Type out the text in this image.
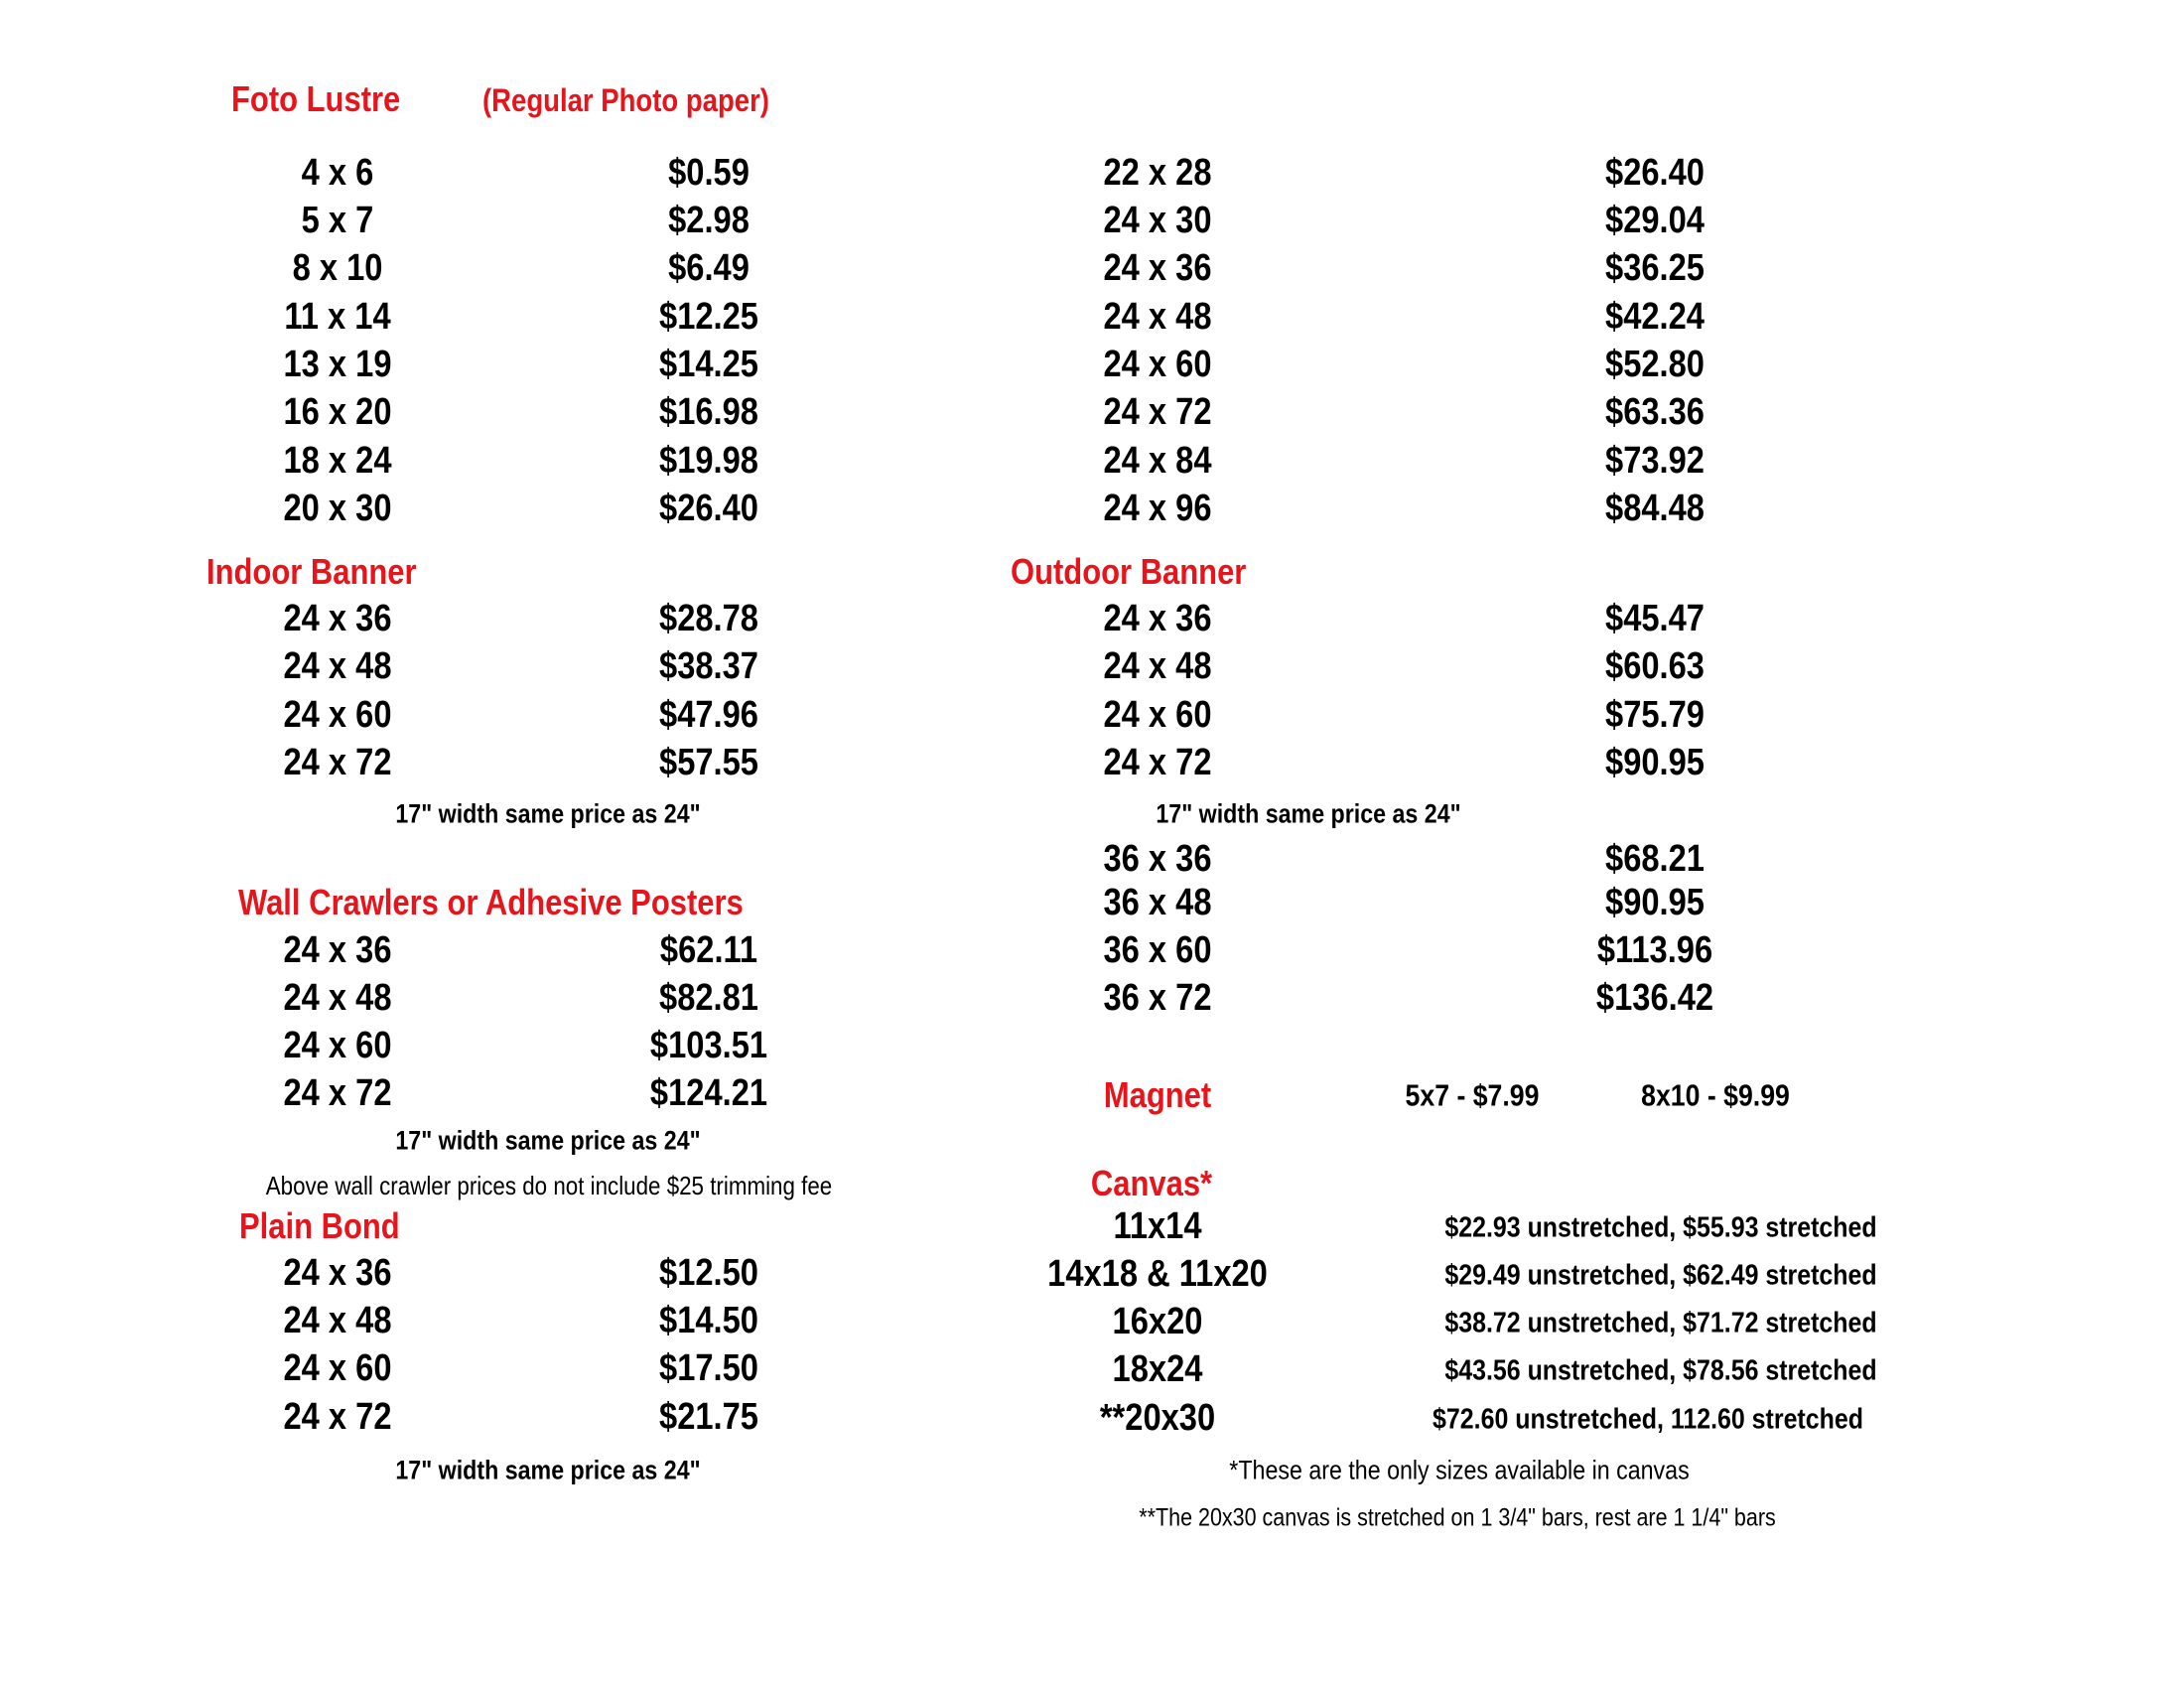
Foto Lustre	(Regular Photo paper)
4 x 6	$0.59
5 x 7	$2.98
8 x 10	$6.49
11 x 14	$12.25
13 x 19	$14.25
16 x 20	$16.98
18 x 24	$19.98
20 x 30	$26.40
22 x 28	$26.40
24 x 30	$29.04
24 x 36	$36.25
24 x 48	$42.24
24 x 60	$52.80
24 x 72	$63.36
24 x 84	$73.92
24 x 96	$84.48
Indoor Banner
24 x 36	$28.78
24 x 48	$38.37
24 x 60	$47.96
24 x 72	$57.55
17" width same price as 24"
Outdoor Banner
24 x 36	$45.47
24 x 48	$60.63
24 x 60	$75.79
24 x 72	$90.95
17" width same price as 24"
36 x 36	$68.21
36 x 48	$90.95
36 x 60	$113.96
36 x 72	$136.42
Wall Crawlers or Adhesive Posters
24 x 36	$62.11
24 x 48	$82.81
24 x 60	$103.51
24 x 72	$124.21
17" width same price as 24"
Above wall crawler prices do not include $25 trimming fee
Plain Bond
24 x 36	$12.50
24 x 48	$14.50
24 x 60	$17.50
24 x 72	$21.75
17" width same price as 24"
Magnet	5x7 - $7.99	8x10 - $9.99
Canvas*
11x14	$22.93 unstretched, $55.93 stretched
14x18 & 11x20	$29.49 unstretched, $62.49 stretched
16x20	$38.72 unstretched, $71.72 stretched
18x24	$43.56 unstretched, $78.56 stretched
**20x30	$72.60 unstretched, 112.60 stretched
*These are the only sizes available in canvas
**The 20x30 canvas is stretched on 1 3/4" bars, rest are 1 1/4" bars
